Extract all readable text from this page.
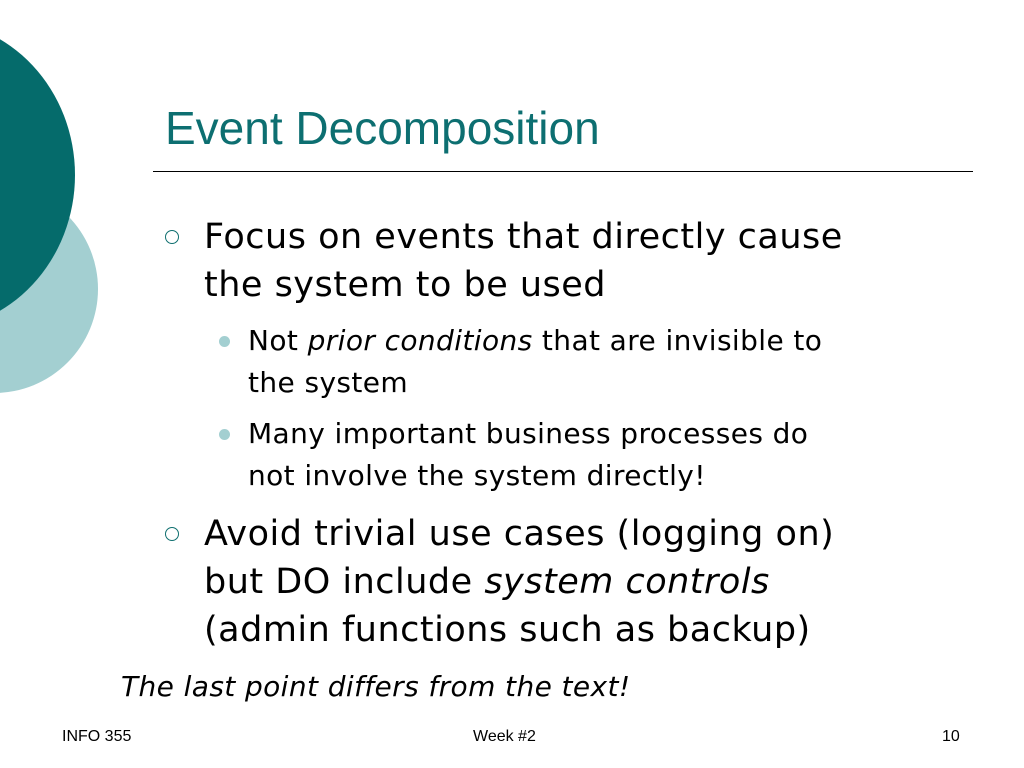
Event Decomposition
Focus on events that directly cause
the system to be used
Not prior conditions that are invisible to
the system
Many important business processes do
not involve the system directly!
Avoid trivial use cases (logging on)
but DO include system controls
(admin functions such as backup)
The last point differs from the text!
INFO 355	Week #2	10
